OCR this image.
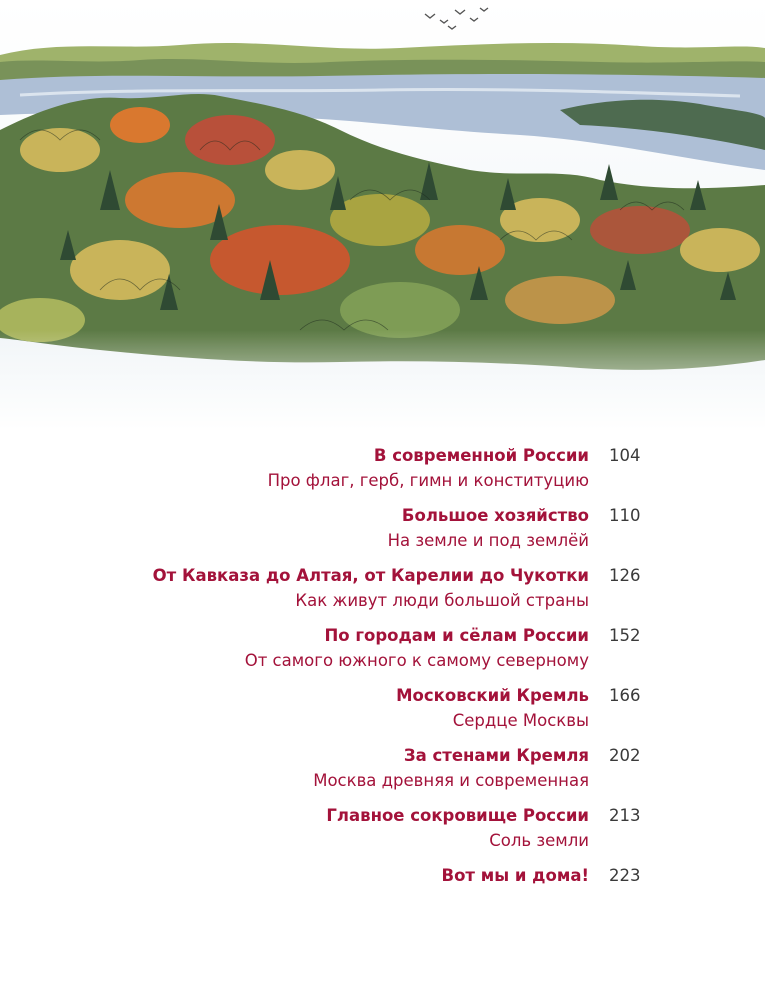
В современной России
Про флаг, герб, гимн и конституцию
104
Большое хозяйство
На земле и под землёй
110
От Кавказа до Алтая, от Карелии до Чукотки
Как живут люди большой страны
126
По городам и сёлам России
От самого южного к самому северному
152
Московский Кремль
Сердце Москвы
166
За стенами Кремля
Москва древняя и современная
202
Главное сокровище России
Соль земли
213
Вот мы и дома! 223
